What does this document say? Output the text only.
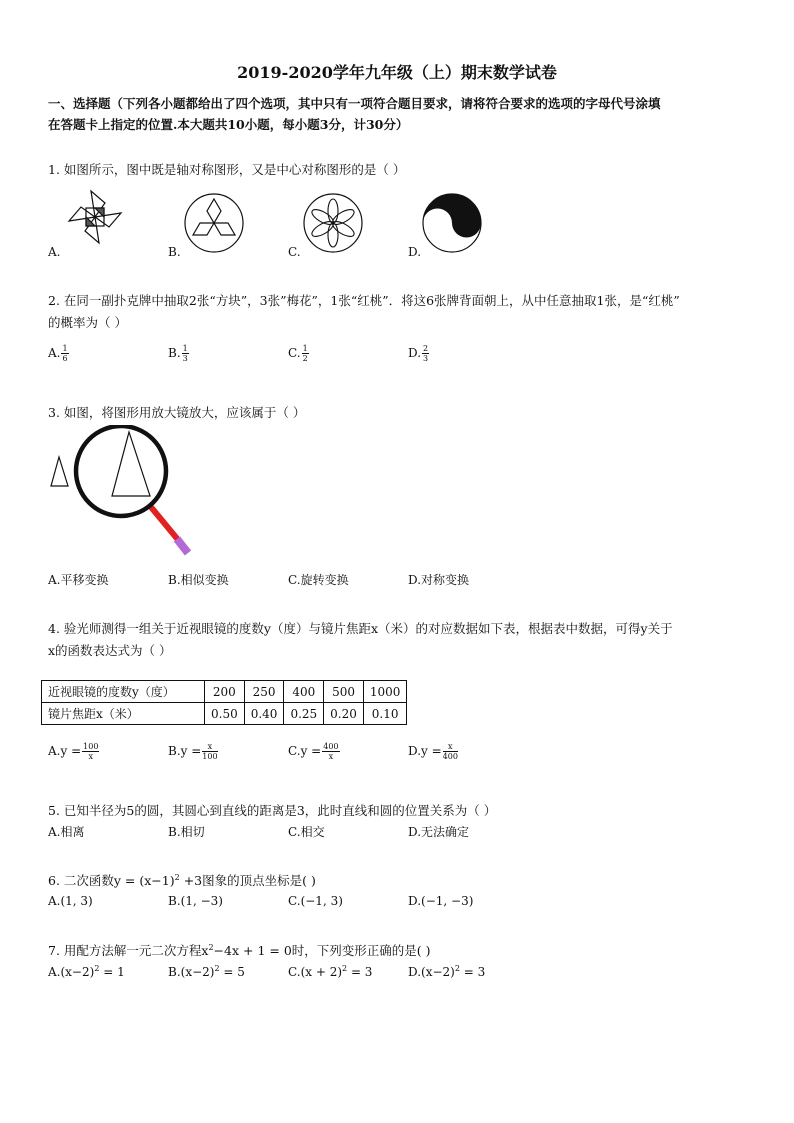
2019-2020学年九年级（上）期末数学试卷
一、选择题（下列各小题都给出了四个选项，其中只有一项符合题目要求，请将符合要求的选项的字母代号涂填
在答题卡上指定的位置.本大题共10小题，每小题3分，计30分）
1. 如图所示，图中既是轴对称图形，又是中心对称图形的是（ ）
A.	B.	C.	D.
2. 在同一副扑克牌中抽取2张“方块”，3张”梅花”，1张“红桃”．将这6张牌背面朝上，从中任意抽取1张，是“红桃”
的概率为（ ）
A. $\frac{1}{6}$	B. $\frac{1}{3}$	C. $\frac{1}{2}$	D. $\frac{2}{3}$
3. 如图，将图形用放大镜放大，应该属于（ ）
A.平移变换	B.相似变换	C.旋转变换	D.对称变换
4. 验光师测得一组关于近视眼镜的度数y（度）与镜片焦距x（米）的对应数据如下表，根据表中数据，可得y关于
x的函数表达式为（ ）
近视眼镜的度数y（度）	200	250	400	500	1000
镜片焦距x（米）	0.50	0.40	0.25	0.20	0.10
$A.y = \frac{100}{x}$	$B.y = \frac{x}{100}$	$C.y = \frac{400}{x}$	$D.y = \frac{x}{400}$
5. 已知半径为5的圆，其圆心到直线的距离是3，此时直线和圆的位置关系为（ ）
A.相离	B.相切	C.相交	D.无法确定
6. 二次函数$y = (x-1)^2 +3$图象的顶点坐标是( )
A.(1, 3)	B.(1, −3)	C.(−1, 3)	D.(−1, −3)
7. 用配方法解一元二次方程$x^2-4x + 1 = 0$时，下列变形正确的是( )
$A.(x-2)^2 = 1$	$B.(x-2)^2 = 5$	$C.(x + 2)^2 = 3$	$D.(x-2)^2 = 3$
